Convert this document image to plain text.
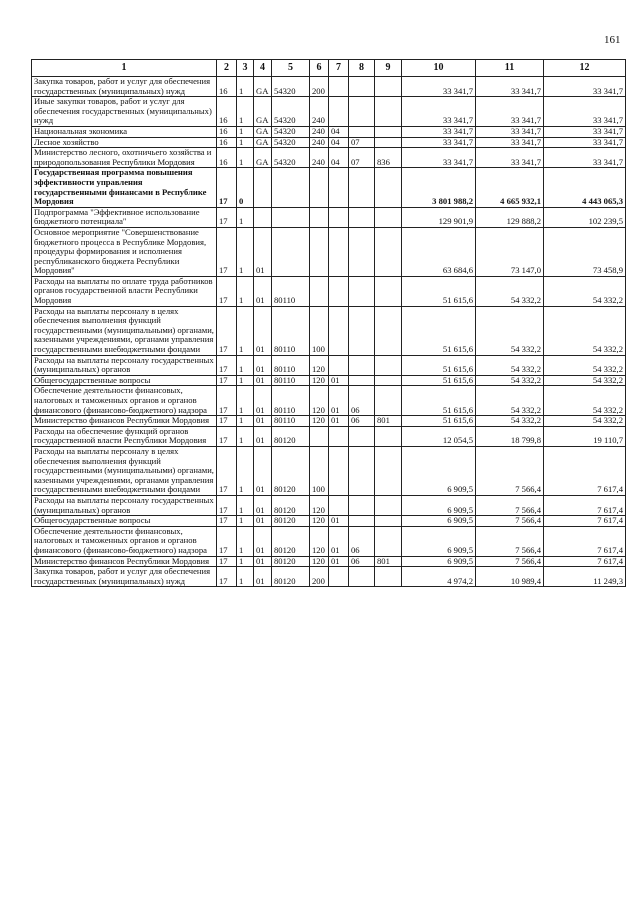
161
1	2	3	4	5	6	7	8	9	10	11	12
Закупка товаров, работ и услуг для обеспечения государственных (муниципальных) нужд	16	1	GA	54320	200				33 341,7	33 341,7	33 341,7
Иные закупки товаров, работ и услуг для обеспечения государственных (муниципальных) нужд	16	1	GA	54320	240				33 341,7	33 341,7	33 341,7
Национальная экономика	16	1	GA	54320	240	04			33 341,7	33 341,7	33 341,7
Лесное хозяйство	16	1	GA	54320	240	04	07		33 341,7	33 341,7	33 341,7
Министерство лесного, охотничьего хозяйства и природопользования Республики Мордовия	16	1	GA	54320	240	04	07	836	33 341,7	33 341,7	33 341,7
Государственная программа повышения эффективности управления государственными финансами в Республике Мордовия	17	0							3 801 988,2	4 665 932,1	4 443 065,3
Подпрограмма "Эффективное использование бюджетного потенциала"	17	1							129 901,9	129 888,2	102 239,5
Основное мероприятие "Совершенствование бюджетного процесса в Республике Мордовия, процедуры формирования и исполнения республиканского бюджета Республики Мордовия"	17	1	01						63 684,6	73 147,0	73 458,9
Расходы на выплаты по оплате труда работников органов государственной власти Республики Мордовия	17	1	01	80110					51 615,6	54 332,2	54 332,2
Расходы на выплаты персоналу в целях обеспечения выполнения функций государственными (муниципальными) органами, казенными учреждениями, органами управления государственными внебюджетными фондами	17	1	01	80110	100				51 615,6	54 332,2	54 332,2
Расходы на выплаты персоналу государственных (муниципальных) органов	17	1	01	80110	120				51 615,6	54 332,2	54 332,2
Общегосударственные вопросы	17	1	01	80110	120	01			51 615,6	54 332,2	54 332,2
Обеспечение деятельности финансовых, налоговых и таможенных органов и органов финансового (финансово-бюджетного) надзора	17	1	01	80110	120	01	06		51 615,6	54 332,2	54 332,2
Министерство финансов Республики Мордовия	17	1	01	80110	120	01	06	801	51 615,6	54 332,2	54 332,2
Расходы на обеспечение функций органов государственной власти Республики Мордовия	17	1	01	80120					12 054,5	18 799,8	19 110,7
Расходы на выплаты персоналу в целях обеспечения выполнения функций государственными (муниципальными) органами, казенными учреждениями, органами управления государственными внебюджетными фондами	17	1	01	80120	100				6 909,5	7 566,4	7 617,4
Расходы на выплаты персоналу государственных (муниципальных) органов	17	1	01	80120	120				6 909,5	7 566,4	7 617,4
Общегосударственные вопросы	17	1	01	80120	120	01			6 909,5	7 566,4	7 617,4
Обеспечение деятельности финансовых, налоговых и таможенных органов и органов финансового (финансово-бюджетного) надзора	17	1	01	80120	120	01	06		6 909,5	7 566,4	7 617,4
Министерство финансов Республики Мордовия	17	1	01	80120	120	01	06	801	6 909,5	7 566,4	7 617,4
Закупка товаров, работ и услуг для обеспечения государственных (муниципальных) нужд	17	1	01	80120	200				4 974,2	10 989,4	11 249,3
